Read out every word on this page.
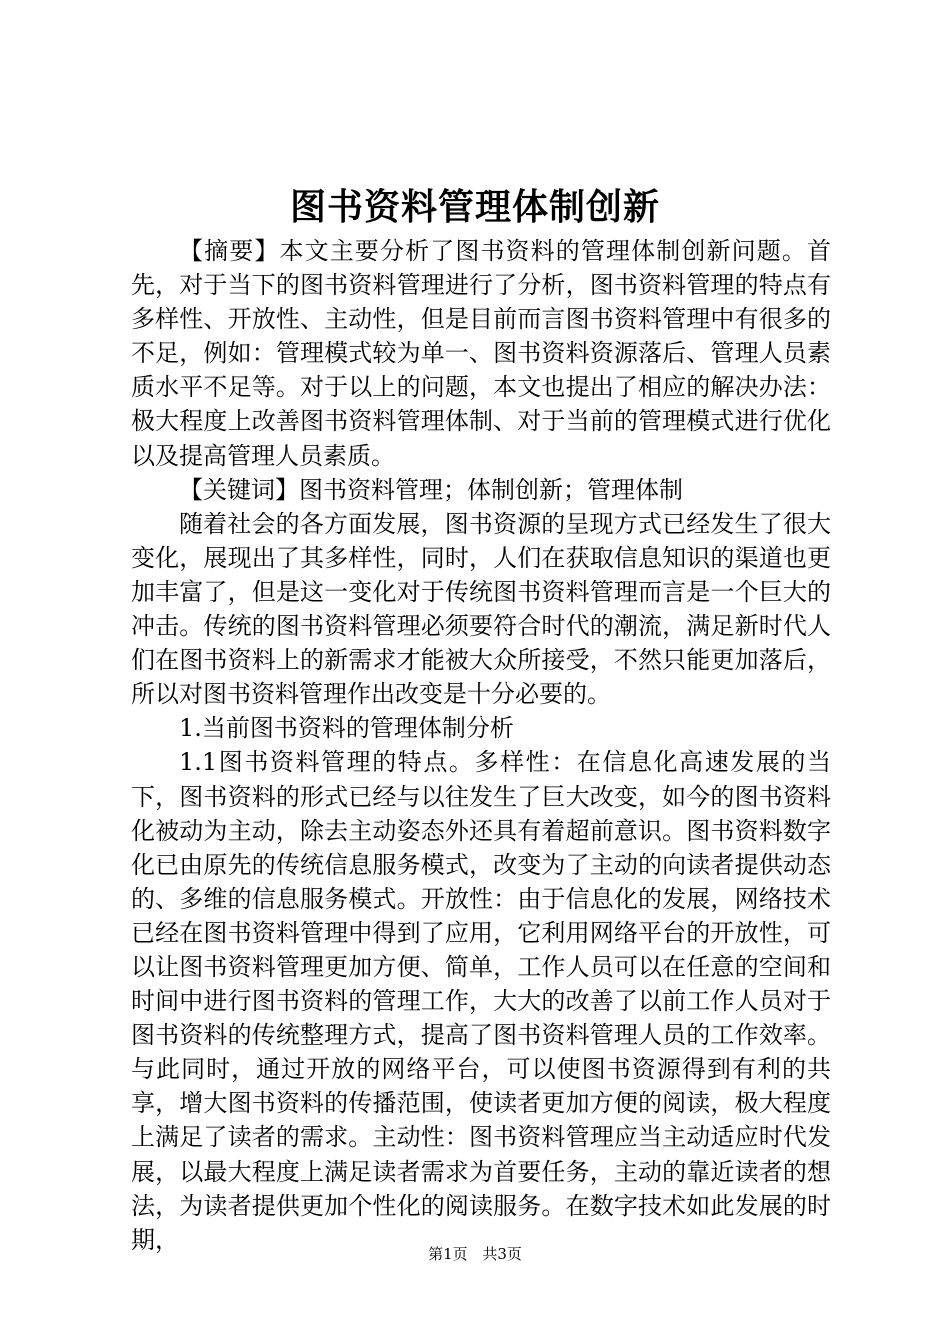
图书资料管理体制创新

【摘要】本文主要分析了图书资料的管理体制创新问题。首先，对于当下的图书资料管理进行了分析，图书资料管理的特点有多样性、开放性、主动性，但是目前而言图书资料管理中有很多的不足，例如：管理模式较为单一、图书资料资源落后、管理人员素质水平不足等。对于以上的问题，本文也提出了相应的解决办法：极大程度上改善图书资料管理体制、对于当前的管理模式进行优化以及提高管理人员素质。

【关键词】图书资料管理；体制创新；管理体制

随着社会的各方面发展，图书资源的呈现方式已经发生了很大变化，展现出了其多样性，同时，人们在获取信息知识的渠道也更加丰富了，但是这一变化对于传统图书资料管理而言是一个巨大的冲击。传统的图书资料管理必须要符合时代的潮流，满足新时代人们在图书资料上的新需求才能被大众所接受，不然只能更加落后，所以对图书资料管理作出改变是十分必要的。

1.当前图书资料的管理体制分析

1.1图书资料管理的特点。多样性：在信息化高速发展的当下，图书资料的形式已经与以往发生了巨大改变，如今的图书资料化被动为主动，除去主动姿态外还具有着超前意识。图书资料数字化已由原先的传统信息服务模式，改变为了主动的向读者提供动态的、多维的信息服务模式。开放性：由于信息化的发展，网络技术已经在图书资料管理中得到了应用，它利用网络平台的开放性，可以让图书资料管理更加方便、简单，工作人员可以在任意的空间和时间中进行图书资料的管理工作，大大的改善了以前工作人员对于图书资料的传统整理方式，提高了图书资料管理人员的工作效率。与此同时，通过开放的网络平台，可以使图书资源得到有利的共享，增大图书资料的传播范围，使读者更加方便的阅读，极大程度上满足了读者的需求。主动性：图书资料管理应当主动适应时代发展，以最大程度上满足读者需求为首要任务，主动的靠近读者的想法，为读者提供更加个性化的阅读服务。在数字技术如此发展的时期，

第1页 共3页
